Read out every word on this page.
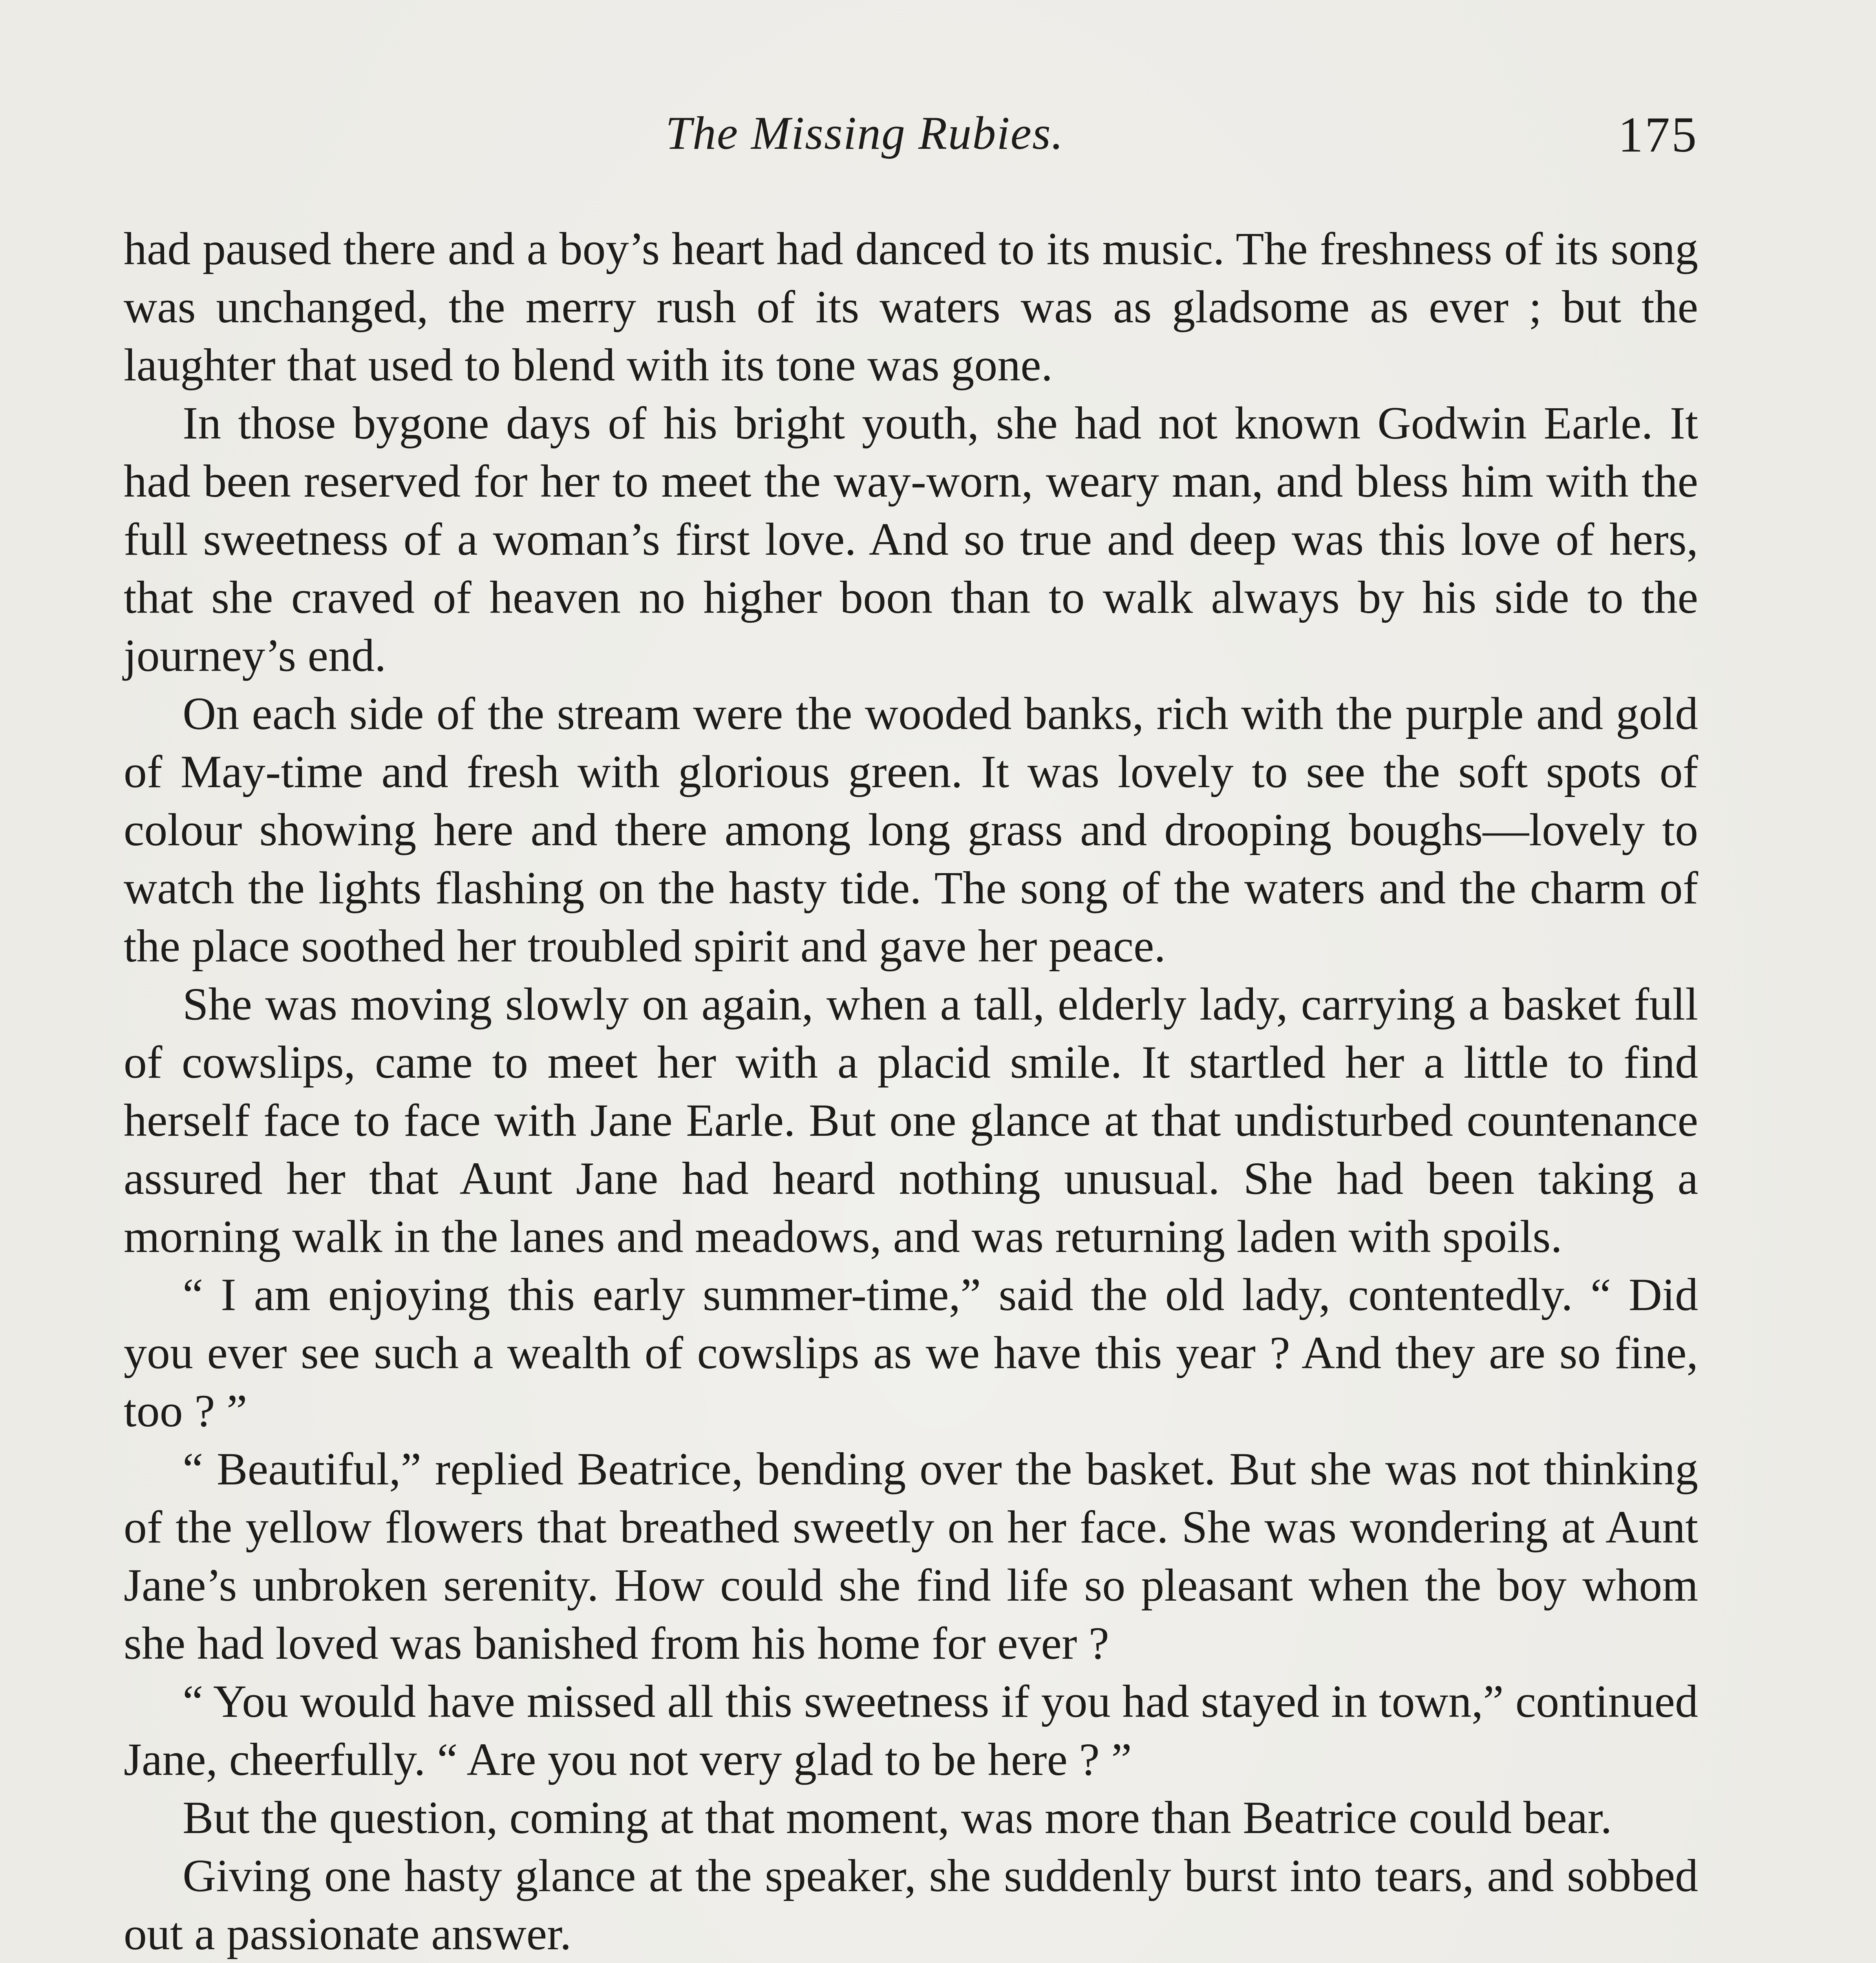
The Missing Rubies.	175

had paused there and a boy’s heart had danced to its music. The freshness of its song was unchanged, the merry rush of its waters was as gladsome as ever ; but the laughter that used to blend with its tone was gone.

In those bygone days of his bright youth, she had not known Godwin Earle. It had been reserved for her to meet the way-worn, weary man, and bless him with the full sweetness of a woman’s first love. And so true and deep was this love of hers, that she craved of heaven no higher boon than to walk always by his side to the journey’s end.

On each side of the stream were the wooded banks, rich with the purple and gold of May-time and fresh with glorious green. It was lovely to see the soft spots of colour showing here and there among long grass and drooping boughs—lovely to watch the lights flashing on the hasty tide. The song of the waters and the charm of the place soothed her troubled spirit and gave her peace.

She was moving slowly on again, when a tall, elderly lady, carrying a basket full of cowslips, came to meet her with a placid smile. It startled her a little to find herself face to face with Jane Earle. But one glance at that undisturbed countenance assured her that Aunt Jane had heard nothing unusual. She had been taking a morning walk in the lanes and meadows, and was returning laden with spoils.

“ I am enjoying this early summer-time,” said the old lady, contentedly. “ Did you ever see such a wealth of cowslips as we have this year ? And they are so fine, too ? ”

“ Beautiful,” replied Beatrice, bending over the basket. But she was not thinking of the yellow flowers that breathed sweetly on her face. She was wondering at Aunt Jane’s unbroken serenity. How could she find life so pleasant when the boy whom she had loved was banished from his home for ever ?

“ You would have missed all this sweetness if you had stayed in town,” continued Jane, cheerfully. “ Are you not very glad to be here ? ”

But the question, coming at that moment, was more than Beatrice could bear.

Giving one hasty glance at the speaker, she suddenly burst into tears, and sobbed out a passionate answer.
